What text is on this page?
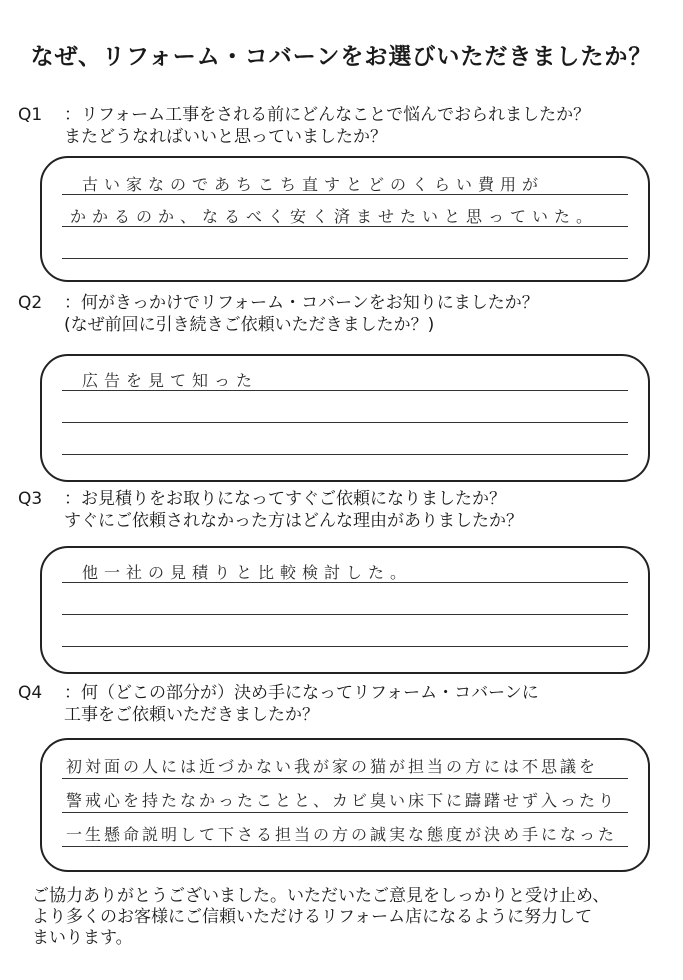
なぜ、リフォーム・コバーンをお選びいただきましたか？
Q1 ：リフォーム工事をされる前にどんなことで悩んでおられましたか？
またどうなればいいと思っていましたか？
古い家なのであちこち直すとどのくらい費用が
かかるのか、なるべく安く済ませたいと思っていた。
Q2 ：何がきっかけでリフォーム・コバーンをお知りにましたか？
(なぜ前回に引き続きご依頼いただきましたか？)
広告を見て知った
Q3 ：お見積りをお取りになってすぐご依頼になりましたか？
すぐにご依頼されなかった方はどんな理由がありましたか？
他一社の見積りと比較検討した。
Q4 ：何（どこの部分が）決め手になってリフォーム・コバーンに
工事をご依頼いただきましたか？
初対面の人には近づかない我が家の猫が担当の方には不思議を
警戒心を持たなかったことと、カビ臭い床下に躊躇せず入ったり
一生懸命説明して下さる担当の方の誠実な態度が決め手になった
ご協力ありがとうございました。いただいたご意見をしっかりと受け止め、
より多くのお客様にご信頼いただけるリフォーム店になるように努力して
まいります。
